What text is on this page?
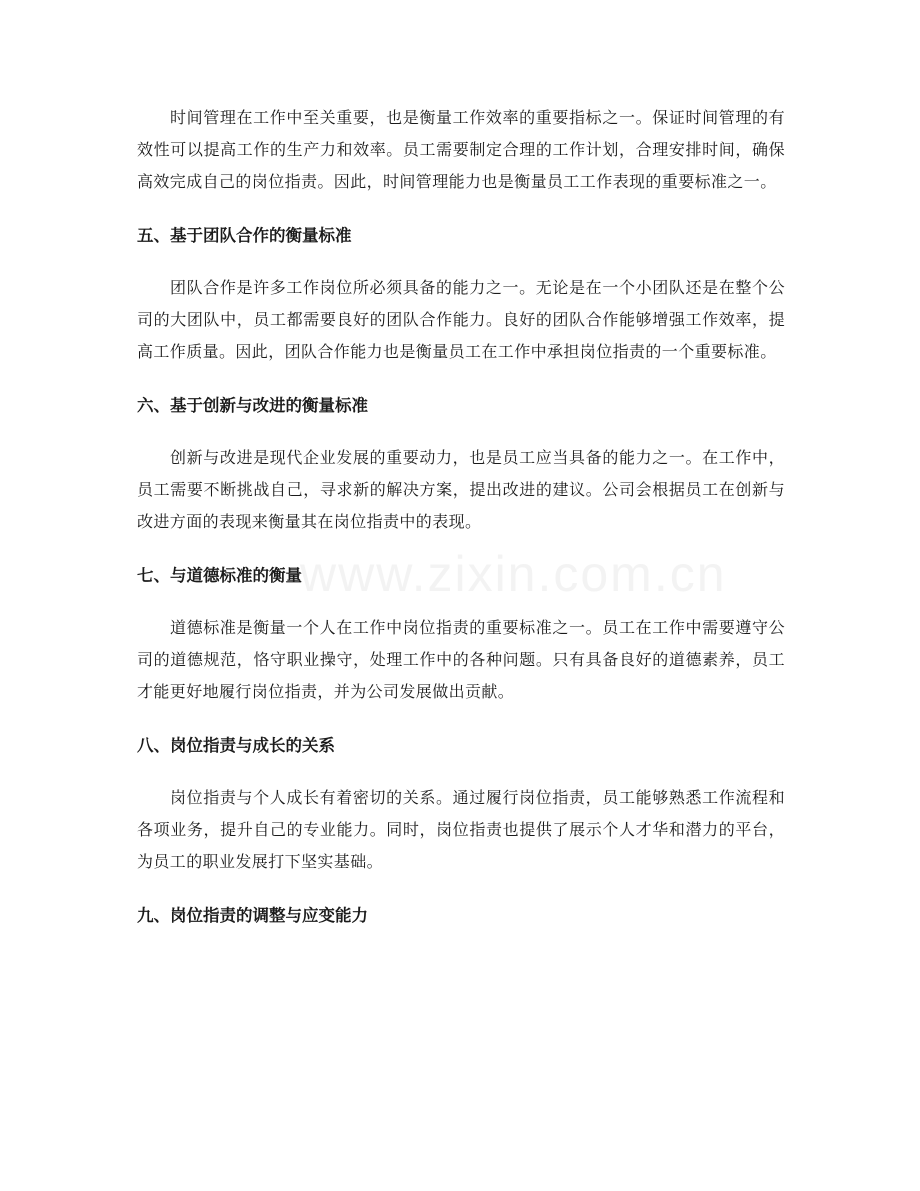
www.zixin.com.cn

时间管理在工作中至关重要，也是衡量工作效率的重要指标之一。保证时间管理的有效性可以提高工作的生产力和效率。员工需要制定合理的工作计划，合理安排时间，确保高效完成自己的岗位指责。因此，时间管理能力也是衡量员工工作表现的重要标准之一。

五、基于团队合作的衡量标准

团队合作是许多工作岗位所必须具备的能力之一。无论是在一个小团队还是在整个公司的大团队中，员工都需要良好的团队合作能力。良好的团队合作能够增强工作效率，提高工作质量。因此，团队合作能力也是衡量员工在工作中承担岗位指责的一个重要标准。

六、基于创新与改进的衡量标准

创新与改进是现代企业发展的重要动力，也是员工应当具备的能力之一。在工作中，员工需要不断挑战自己，寻求新的解决方案，提出改进的建议。公司会根据员工在创新与改进方面的表现来衡量其在岗位指责中的表现。

七、与道德标准的衡量

道德标准是衡量一个人在工作中岗位指责的重要标准之一。员工在工作中需要遵守公司的道德规范，恪守职业操守，处理工作中的各种问题。只有具备良好的道德素养，员工才能更好地履行岗位指责，并为公司发展做出贡献。

八、岗位指责与成长的关系

岗位指责与个人成长有着密切的关系。通过履行岗位指责，员工能够熟悉工作流程和各项业务，提升自己的专业能力。同时，岗位指责也提供了展示个人才华和潜力的平台，为员工的职业发展打下坚实基础。

九、岗位指责的调整与应变能力
